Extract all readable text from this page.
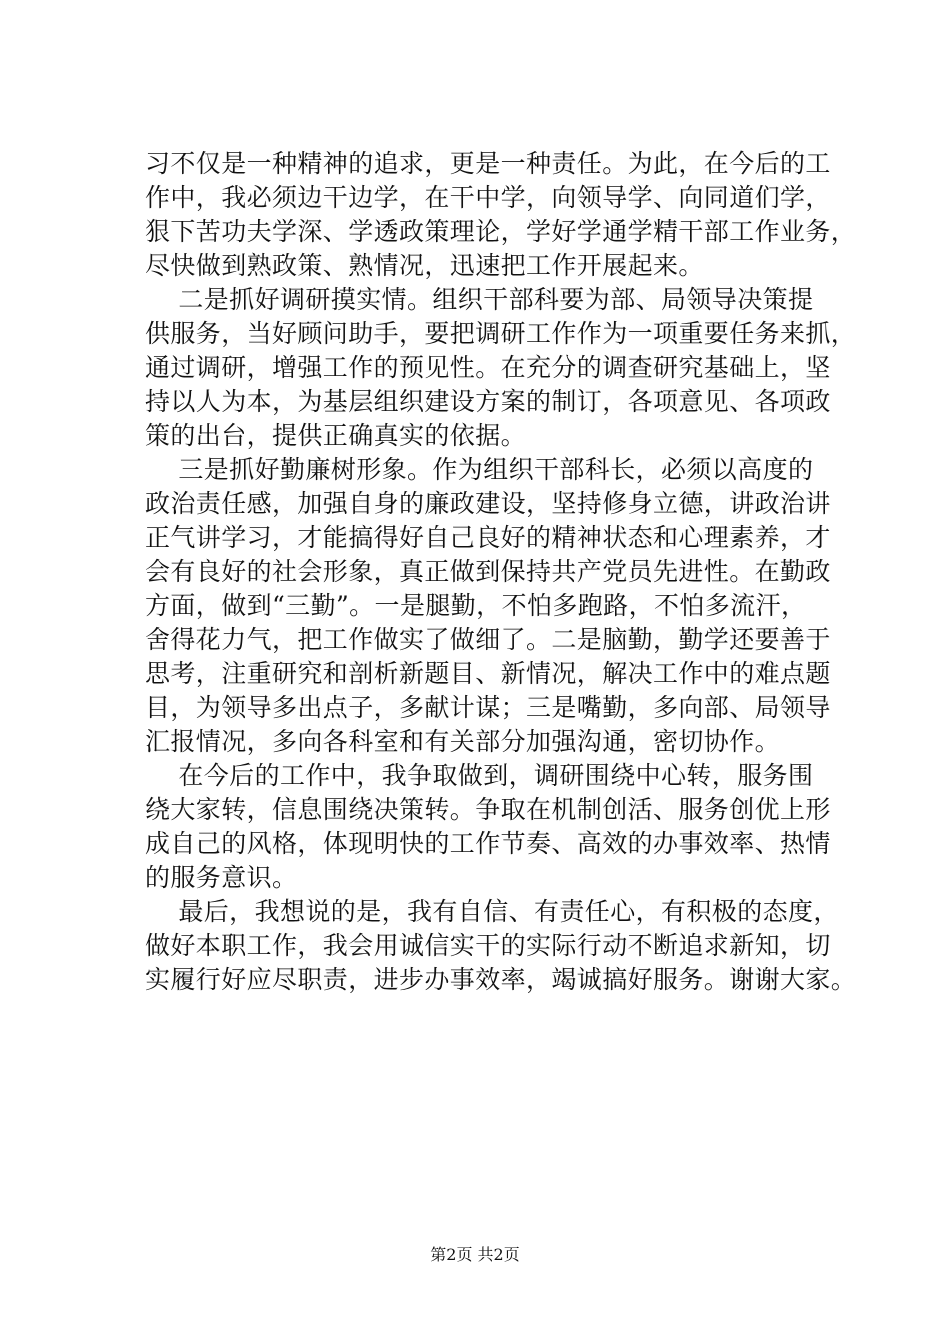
习不仅是一种精神的追求，更是一种责任。为此，在今后的工
作中，我必须边干边学，在干中学，向领导学、向同道们学，
狠下苦功夫学深、学透政策理论，学好学通学精干部工作业务，
尽快做到熟政策、熟情况，迅速把工作开展起来。
二是抓好调研摸实情。组织干部科要为部、局领导决策提
供服务，当好顾问助手，要把调研工作作为一项重要任务来抓，
通过调研，增强工作的预见性。在充分的调查研究基础上，坚
持以人为本，为基层组织建设方案的制订，各项意见、各项政
策的出台，提供正确真实的依据。
三是抓好勤廉树形象。作为组织干部科长，必须以高度的
政治责任感，加强自身的廉政建设，坚持修身立德，讲政治讲
正气讲学习，才能搞得好自己良好的精神状态和心理素养，才
会有良好的社会形象，真正做到保持共产党员先进性。在勤政
方面，做到“三勤”。一是腿勤，不怕多跑路，不怕多流汗，
舍得花力气，把工作做实了做细了。二是脑勤，勤学还要善于
思考，注重研究和剖析新题目、新情况，解决工作中的难点题
目，为领导多出点子，多献计谋；三是嘴勤，多向部、局领导
汇报情况，多向各科室和有关部分加强沟通，密切协作。
在今后的工作中，我争取做到，调研围绕中心转，服务围
绕大家转，信息围绕决策转。争取在机制创活、服务创优上形
成自己的风格，体现明快的工作节奏、高效的办事效率、热情
的服务意识。
最后，我想说的是，我有自信、有责任心，有积极的态度，
做好本职工作，我会用诚信实干的实际行动不断追求新知，切
实履行好应尽职责，进步办事效率，竭诚搞好服务。谢谢大家。
第2页 共2页
